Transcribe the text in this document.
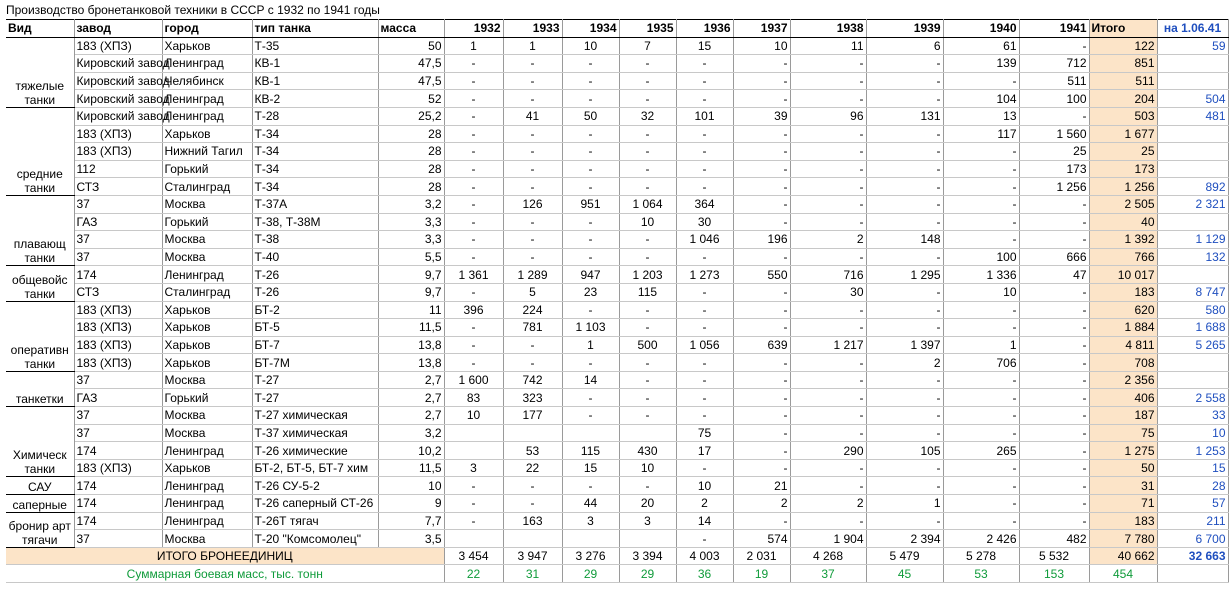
Производство бронетанковой техники в СССР с 1932 по 1941 годы
Вид	завод	город	тип танка	масса	1932	1933	1934	1935	1936	1937	1938	1939	1940	1941	Итого	на 1.06.41
тяжелые танки	183 (ХПЗ)	Харьков	Т-35	50	1	1	10	7	15	10	11	6	61	-	122	59
	Кировский завод	Ленинград	КВ-1	47,5	-	-	-	-	-	-	-	-	139	712	851	
	Кировский завод	Челябинск	КВ-1	47,5	-	-	-	-	-	-	-	-	-	511	511	
	Кировский завод	Ленинград	КВ-2	52	-	-	-	-	-	-	-	-	104	100	204	504
средние танки	Кировский завод	Ленинград	Т-28	25,2	-	41	50	32	101	39	96	131	13	-	503	481
	183 (ХПЗ)	Харьков	Т-34	28	-	-	-	-	-	-	-	-	117	1 560	1 677	
	183 (ХПЗ)	Нижний Тагил	Т-34	28	-	-	-	-	-	-	-	-	-	25	25	
	112	Горький	Т-34	28	-	-	-	-	-	-	-	-	-	173	173	
	СТЗ	Сталинград	Т-34	28	-	-	-	-	-	-	-	-	-	1 256	1 256	892
плавающ танки	37	Москва	Т-37А	3,2	-	126	951	1 064	364	-	-	-	-	-	2 505	2 321
	ГАЗ	Горький	Т-38, Т-38М	3,3	-	-	-	10	30	-	-	-	-	-	40	
	37	Москва	Т-38	3,3	-	-	-	-	1 046	196	2	148	-	-	1 392	1 129
	37	Москва	Т-40	5,5	-	-	-	-	-	-	-	-	100	666	766	132
общевойс танки	174	Ленинград	Т-26	9,7	1 361	1 289	947	1 203	1 273	550	716	1 295	1 336	47	10 017	
	СТЗ	Сталинград	Т-26	9,7	-	5	23	115	-	-	30	-	10	-	183	8 747
оперативн танки	183 (ХПЗ)	Харьков	БТ-2	11	396	224	-	-	-	-	-	-	-	-	620	580
	183 (ХПЗ)	Харьков	БТ-5	11,5	-	781	1 103	-	-	-	-	-	-	-	1 884	1 688
	183 (ХПЗ)	Харьков	БТ-7	13,8	-	-	1	500	1 056	639	1 217	1 397	1	-	4 811	5 265
	183 (ХПЗ)	Харьков	БТ-7М	13,8	-	-	-	-	-	-	-	2	706	-	708	
танкетки	37	Москва	Т-27	2,7	1 600	742	14	-	-	-	-	-	-	-	2 356	
	ГАЗ	Горький	Т-27	2,7	83	323	-	-	-	-	-	-	-	-	406	2 558
Химическ танки	37	Москва	Т-27 химическая	2,7	10	177	-	-	-	-	-	-	-	-	187	33
	37	Москва	Т-37 химическая	3,2					75	-	-	-	-	-	75	10
	174	Ленинград	Т-26 химические	10,2		53	115	430	17	-	290	105	265	-	1 275	1 253
	183 (ХПЗ)	Харьков	БТ-2, БТ-5, БТ-7 хим	11,5	3	22	15	10	-	-	-	-	-	-	50	15
САУ	174	Ленинград	Т-26 СУ-5-2	10	-	-	-	-	10	21	-	-	-	-	31	28
саперные	174	Ленинград	Т-26 саперный СТ-26	9	-	-	44	20	2	2	2	1	-	-	71	57
бронир арт тягачи	174	Ленинград	Т-26Т тягач	7,7	-	163	3	3	14	-	-	-	-	-	183	211
	37	Москва	Т-20 "Комсомолец"	3,5					-	574	1 904	2 394	2 426	482	7 780	6 700
ИТОГО БРОНЕЕДИНИЦ					3 454	3 947	3 276	3 394	4 003	2 031	4 268	5 479	5 278	5 532	40 662	32 663
Суммарная боевая масс, тыс. тонн					22	31	29	29	36	19	37	45	53	153	454	
